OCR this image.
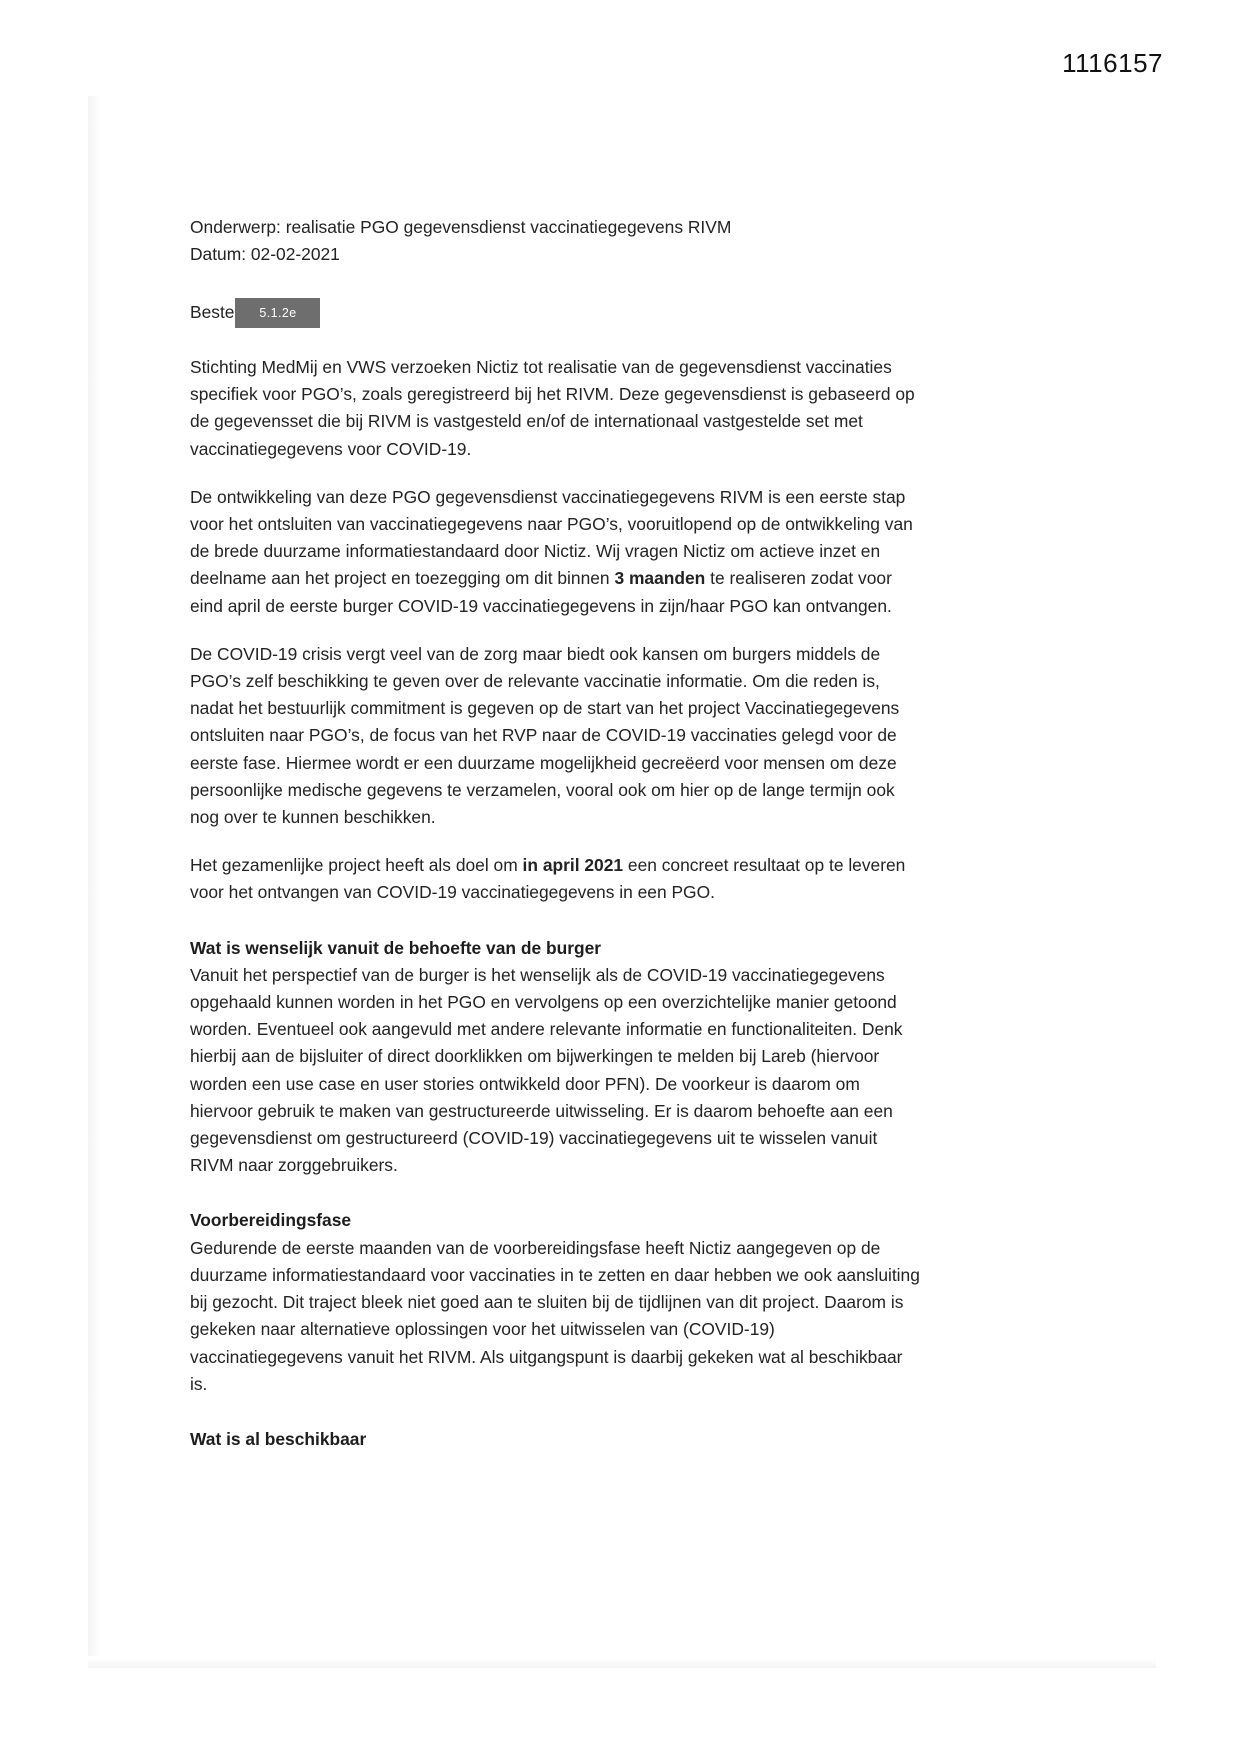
1116157
Onderwerp: realisatie PGO gegevensdienst vaccinatiegegevens RIVM
Datum: 02-02-2021
Beste 5.1.2e

Stichting MedMij en VWS verzoeken Nictiz tot realisatie van de gegevensdienst vaccinaties specifiek voor PGO’s, zoals geregistreerd bij het RIVM. Deze gegevensdienst is gebaseerd op de gegevensset die bij RIVM is vastgesteld en/of de internationaal vastgestelde set met vaccinatiegegevens voor COVID-19.

De ontwikkeling van deze PGO gegevensdienst vaccinatiegegevens RIVM is een eerste stap voor het ontsluiten van vaccinatiegegevens naar PGO’s, vooruitlopend op de ontwikkeling van de brede duurzame informatiestandaard door Nictiz. Wij vragen Nictiz om actieve inzet en deelname aan het project en toezegging om dit binnen 3 maanden te realiseren zodat voor eind april de eerste burger COVID-19 vaccinatiegegevens in zijn/haar PGO kan ontvangen.

De COVID-19 crisis vergt veel van de zorg maar biedt ook kansen om burgers middels de PGO’s zelf beschikking te geven over de relevante vaccinatie informatie. Om die reden is, nadat het bestuurlijk commitment is gegeven op de start van het project Vaccinatiegegevens ontsluiten naar PGO’s, de focus van het RVP naar de COVID-19 vaccinaties gelegd voor de eerste fase. Hiermee wordt er een duurzame mogelijkheid gecreëerd voor mensen om deze persoonlijke medische gegevens te verzamelen, vooral ook om hier op de lange termijn ook nog over te kunnen beschikken.

Het gezamenlijke project heeft als doel om in april 2021 een concreet resultaat op te leveren voor het ontvangen van COVID-19 vaccinatiegegevens in een PGO.

Wat is wenselijk vanuit de behoefte van de burger

Vanuit het perspectief van de burger is het wenselijk als de COVID-19 vaccinatiegegevens opgehaald kunnen worden in het PGO en vervolgens op een overzichtelijke manier getoond worden. Eventueel ook aangevuld met andere relevante informatie en functionaliteiten. Denk hierbij aan de bijsluiter of direct doorklikken om bijwerkingen te melden bij Lareb (hiervoor worden een use case en user stories ontwikkeld door PFN). De voorkeur is daarom om hiervoor gebruik te maken van gestructureerde uitwisseling. Er is daarom behoefte aan een gegevensdienst om gestructureerd (COVID-19) vaccinatiegegevens uit te wisselen vanuit RIVM naar zorggebruikers.

Voorbereidingsfase

Gedurende de eerste maanden van de voorbereidingsfase heeft Nictiz aangegeven op de duurzame informatiestandaard voor vaccinaties in te zetten en daar hebben we ook aansluiting bij gezocht. Dit traject bleek niet goed aan te sluiten bij de tijdlijnen van dit project. Daarom is gekeken naar alternatieve oplossingen voor het uitwisselen van (COVID-19) vaccinatiegegevens vanuit het RIVM. Als uitgangspunt is daarbij gekeken wat al beschikbaar is.

Wat is al beschikbaar
